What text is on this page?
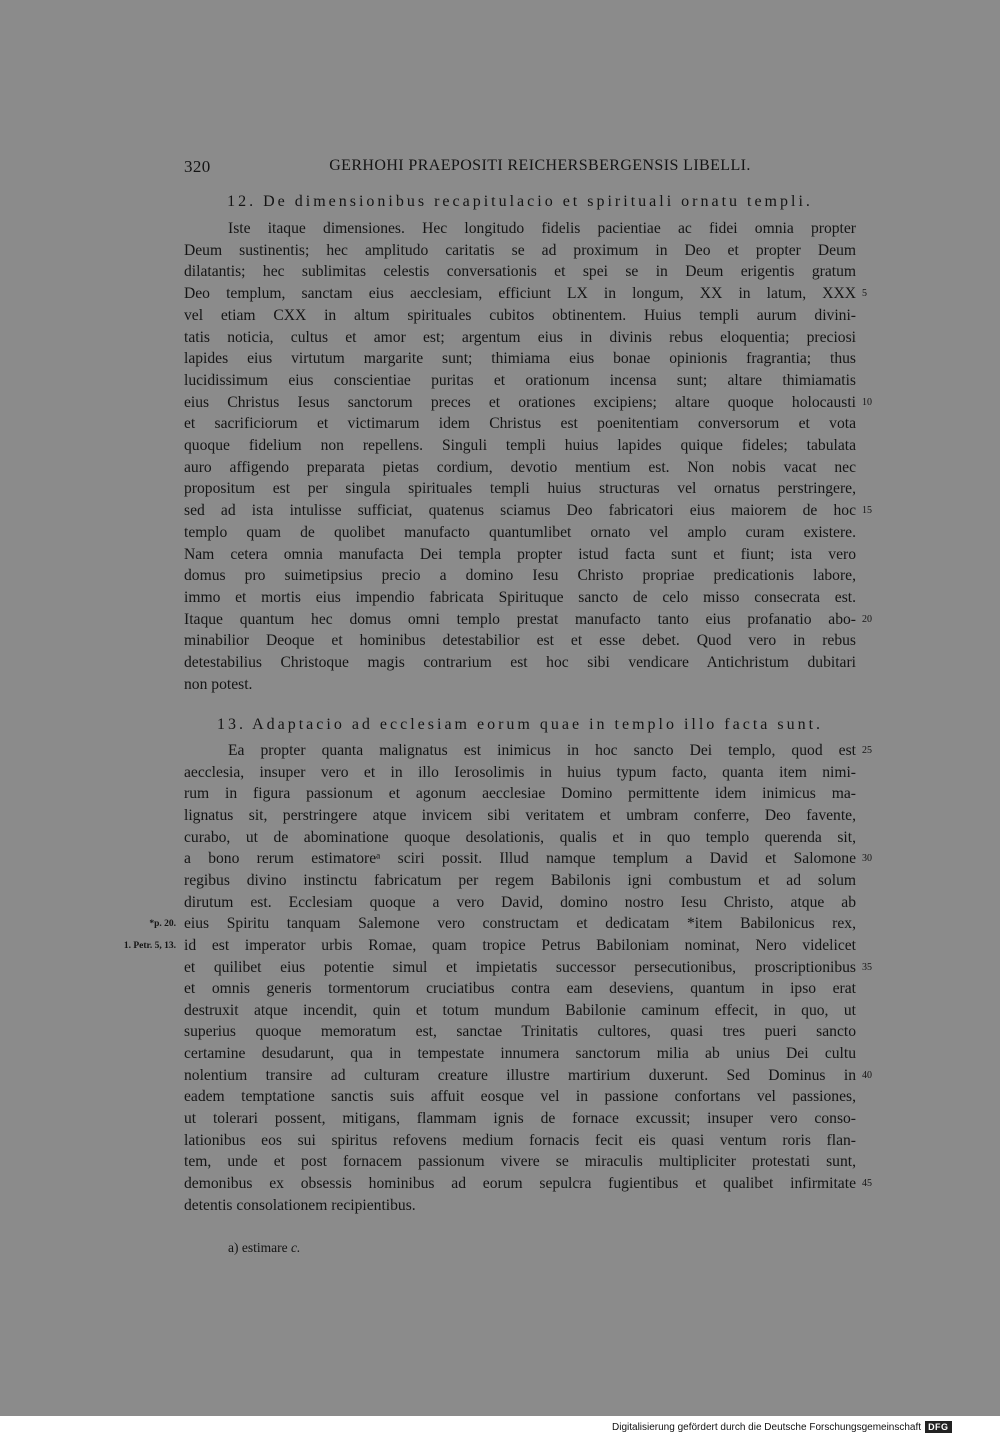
320	GERHOHI PRAEPOSITI REICHERSBERGENSIS LIBELLI.
12. De dimensionibus recapitulacio et spirituali ornatu templi.
Iste itaque dimensiones. Hec longitudo fidelis pacientiae ac fidei omnia propter
Deum sustinentis; hec amplitudo caritatis se ad proximum in Deo et propter Deum
dilatantis; hec sublimitas celestis conversationis et spei se in Deum erigentis gratum
Deo templum, sanctam eius aecclesiam, efficiunt LX in longum, XX in latum, XXX
vel etiam CXX in altum spirituales cubitos obtinentem. Huius templi aurum divini-
tatis noticia, cultus et amor est; argentum eius in divinis rebus eloquentia; preciosi
lapides eius virtutum margarite sunt; thimiama eius bonae opinionis fragrantia; thus
lucidissimum eius conscientiae puritas et orationum incensa sunt; altare thimiamatis
eius Christus Iesus sanctorum preces et orationes excipiens; altare quoque holocausti
et sacrificiorum et victimarum idem Christus est poenitentiam conversorum et vota
quoque fidelium non repellens. Singuli templi huius lapides quique fideles; tabulata
auro affigendo preparata pietas cordium, devotio mentium est. Non nobis vacat nec
propositum est per singula spirituales templi huius structuras vel ornatus perstringere,
sed ad ista intulisse sufficiat, quatenus sciamus Deo fabricatori eius maiorem de hoc
templo quam de quolibet manufacto quantumlibet ornato vel amplo curam existere.
Nam cetera omnia manufacta Dei templa propter istud facta sunt et fiunt; ista vero
domus pro suimetipsius precio a domino Iesu Christo propriae predicationis labore,
immo et mortis eius impendio fabricata Spirituque sancto de celo misso consecrata est.
Itaque quantum hec domus omni templo prestat manufacto tanto eius profanatio abo-
minabilior Deoque et hominibus detestabilior est et esse debet. Quod vero in rebus
detestabilius Christoque magis contrarium est hoc sibi vendicare Antichristum dubitari
non potest.
5
10
15
20
13. Adaptacio ad ecclesiam eorum quae in templo illo facta sunt.
Ea propter quanta malignatus est inimicus in hoc sancto Dei templo, quod est
aecclesia, insuper vero et in illo Ierosolimis in huius typum facto, quanta item nimi-
rum in figura passionum et agonum aecclesiae Domino permittente idem inimicus ma-
lignatus sit, perstringere atque invicem sibi veritatem et umbram conferre, Deo favente,
curabo, ut de abominatione quoque desolationis, qualis et in quo templo querenda sit,
a bono rerum estimatoreᵃ sciri possit. Illud namque templum a David et Salomone
regibus divino instinctu fabricatum per regem Babilonis igni combustum et ad solum
dirutum est. Ecclesiam quoque a vero David, domino nostro Iesu Christo, atque ab
eius Spiritu tanquam Salemone vero constructam et dedicatam *item Babilonicus rex,
id est imperator urbis Romae, quam tropice Petrus Babiloniam nominat, Nero videlicet
et quilibet eius potentie simul et impietatis successor persecutionibus, proscriptionibus
et omnis generis tormentorum cruciatibus contra eam deseviens, quantum in ipso erat
destruxit atque incendit, quin et totum mundum Babilonie caminum effecit, in quo, ut
superius quoque memoratum est, sanctae Trinitatis cultores, quasi tres pueri sancto
certamine desudarunt, qua in tempestate innumera sanctorum milia ab unius Dei cultu
nolentium transire ad culturam creature illustre martirium duxerunt. Sed Dominus in
eadem temptatione sanctis suis affuit eosque vel in passione confortans vel passiones,
ut tolerari possent, mitigans, flammam ignis de fornace excussit; insuper vero conso-
lationibus eos sui spiritus refovens medium fornacis fecit eis quasi ventum roris flan-
tem, unde et post fornacem passionum vivere se miraculis multipliciter protestati sunt,
demonibus ex obsessis hominibus ad eorum sepulcra fugientibus et qualibet infirmitate
detentis consolationem recipientibus.
25
30
35
40
45
*p. 20.
1. Petr. 5, 13.
a) estimare c.
Digitalisierung gefördert durch die Deutsche Forschungsgemeinschaft DFG
